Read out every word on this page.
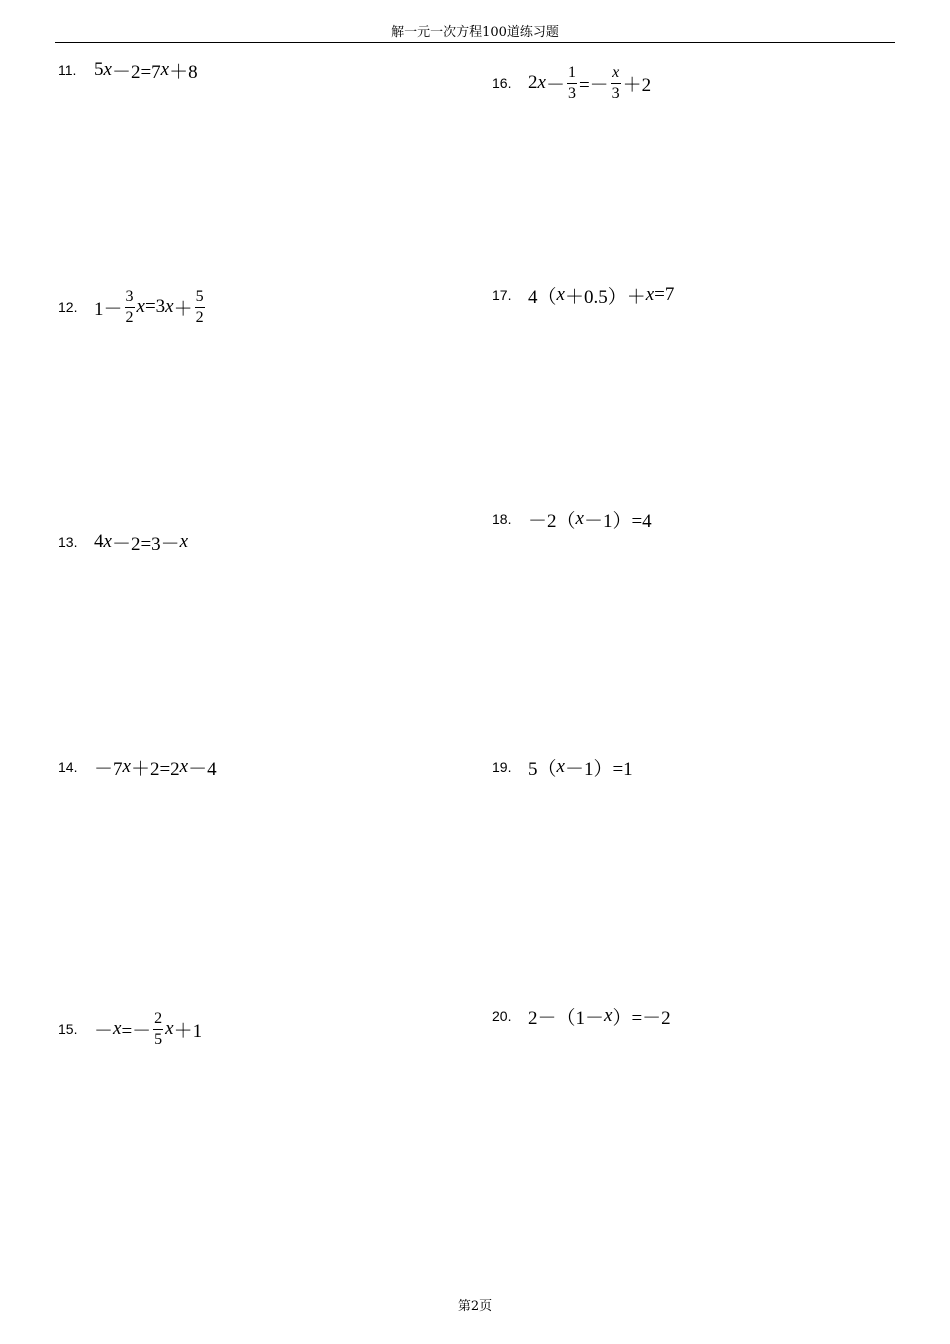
解一元一次方程100道练习题
11. 5 x －2=7 x ＋8
12. $1- \frac{3}{2}$ x =3 $x + \frac{5}{2}$
13. 4 x －2=3－ x
14. －7 x ＋2=2 x －4
15. － $x =- \frac{2}{5}$ x ＋1
16. 2 $x - \frac{1}{3} =- \frac{x}{3} +2$
17. 4（ x ＋0.5）＋ x =7
18. －2（ x －1）=4
19. 5（ x －1）=1
20. 2－（1－ x ）=－2
第2页
